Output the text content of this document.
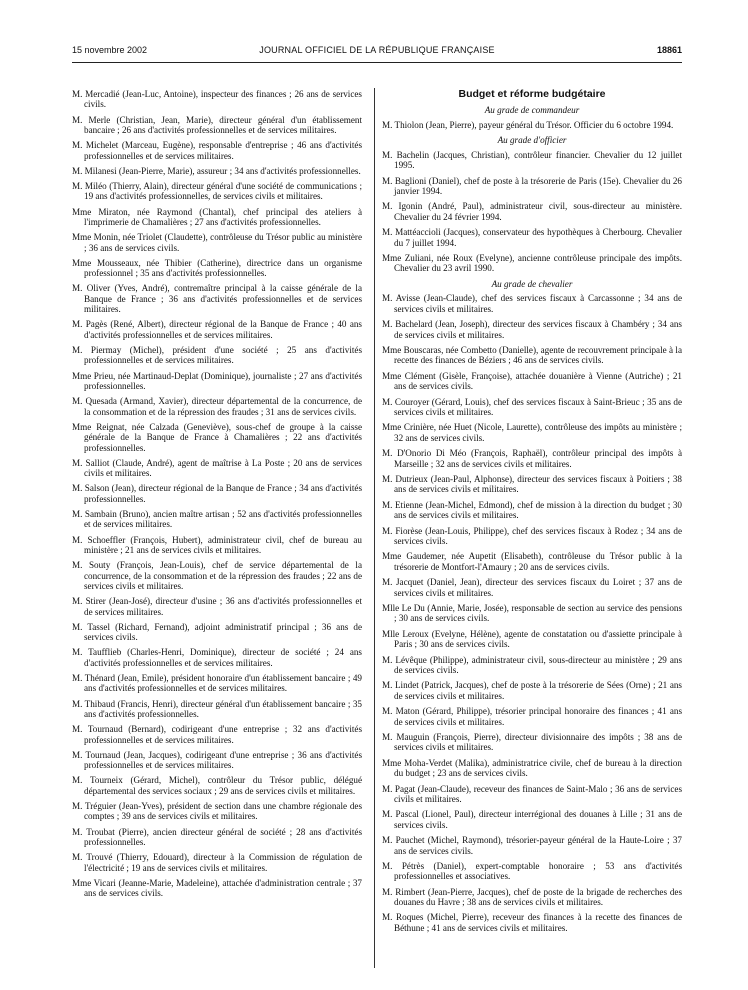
15 novembre 2002	JOURNAL OFFICIEL DE LA RÉPUBLIQUE FRANÇAISE	18861

M. Mercadié (Jean-Luc, Antoine), inspecteur des finances ; 26 ans de services civils.

M. Merle (Christian, Jean, Marie), directeur général d'un établissement bancaire ; 26 ans d'activités professionnelles et de services militaires.

M. Michelet (Marceau, Eugène), responsable d'entreprise ; 46 ans d'activités professionnelles et de services militaires.

M. Milanesi (Jean-Pierre, Marie), assureur ; 34 ans d'activités professionnelles.

M. Miléo (Thierry, Alain), directeur général d'une société de communications ; 19 ans d'activités professionnelles, de services civils et militaires.

Mme Miraton, née Raymond (Chantal), chef principal des ateliers à l'imprimerie de Chamalières ; 27 ans d'activités professionnelles.

Mme Monin, née Triolet (Claudette), contrôleuse du Trésor public au ministère ; 36 ans de services civils.

Mme Mousseaux, née Thibier (Catherine), directrice dans un organisme professionnel ; 35 ans d'activités professionnelles.

M. Oliver (Yves, André), contremaître principal à la caisse générale de la Banque de France ; 36 ans d'activités professionnelles et de services militaires.

M. Pagès (René, Albert), directeur régional de la Banque de France ; 40 ans d'activités professionnelles et de services militaires.

M. Piermay (Michel), président d'une société ; 25 ans d'activités professionnelles et de services militaires.

Mme Prieu, née Martinaud-Deplat (Dominique), journaliste ; 27 ans d'activités professionnelles.

M. Quesada (Armand, Xavier), directeur départemental de la concurrence, de la consommation et de la répression des fraudes ; 31 ans de services civils.

Mme Reignat, née Calzada (Geneviève), sous-chef de groupe à la caisse générale de la Banque de France à Chamalières ; 22 ans d'activités professionnelles.

M. Salliot (Claude, André), agent de maîtrise à La Poste ; 20 ans de services civils et militaires.

M. Salson (Jean), directeur régional de la Banque de France ; 34 ans d'activités professionnelles.

M. Sambain (Bruno), ancien maître artisan ; 52 ans d'activités professionnelles et de services militaires.

M. Schoeffler (François, Hubert), administrateur civil, chef de bureau au ministère ; 21 ans de services civils et militaires.

M. Souty (François, Jean-Louis), chef de service départemental de la concurrence, de la consommation et de la répression des fraudes ; 22 ans de services civils et militaires.

M. Stirer (Jean-José), directeur d'usine ; 36 ans d'activités professionnelles et de services militaires.

M. Tassel (Richard, Fernand), adjoint administratif principal ; 36 ans de services civils.

M. Tauffliеb (Charles-Henri, Dominique), directeur de société ; 24 ans d'activités professionnelles et de services militaires.

M. Thénard (Jean, Emile), président honoraire d'un établissement bancaire ; 49 ans d'activités professionnelles et de services militaires.

M. Thibaud (Francis, Henri), directeur général d'un établissement bancaire ; 35 ans d'activités professionnelles.

M. Tournaud (Bernard), codirigeant d'une entreprise ; 32 ans d'activités professionnelles et de services militaires.

M. Tournaud (Jean, Jacques), codirigeant d'une entreprise ; 36 ans d'activités professionnelles et de services militaires.

M. Tourneix (Gérard, Michel), contrôleur du Trésor public, délégué départemental des services sociaux ; 29 ans de services civils et militaires.

M. Tréguier (Jean-Yves), président de section dans une chambre régionale des comptes ; 39 ans de services civils et militaires.

M. Troubat (Pierre), ancien directeur général de société ; 28 ans d'activités professionnelles.

M. Trouvé (Thierry, Edouard), directeur à la Commission de régulation de l'électricité ; 19 ans de services civils et militaires.

Mme Vicari (Jeanne-Marie, Madeleine), attachée d'administration centrale ; 37 ans de services civils.

Budget et réforme budgétaire
Au grade de commandeur

M. Thiolon (Jean, Pierre), payeur général du Trésor. Officier du 6 octobre 1994.

Au grade d'officier

M. Bachelin (Jacques, Christian), contrôleur financier. Chevalier du 12 juillet 1995.

M. Baglioni (Daniel), chef de poste à la trésorerie de Paris (15e). Chevalier du 26 janvier 1994.

M. Igonin (André, Paul), administrateur civil, sous-directeur au ministère. Chevalier du 24 février 1994.

M. Mattéaccioli (Jacques), conservateur des hypothèques à Cherbourg. Chevalier du 7 juillet 1994.

Mme Zuliani, née Roux (Evelyne), ancienne contrôleuse principale des impôts. Chevalier du 23 avril 1990.

Au grade de chevalier

M. Avisse (Jean-Claude), chef des services fiscaux à Carcassonne ; 34 ans de services civils et militaires.

M. Bachelard (Jean, Joseph), directeur des services fiscaux à Chambéry ; 34 ans de services civils et militaires.

Mme Bouscaras, née Combetto (Danielle), agente de recouvrement principale à la recette des finances de Béziers ; 46 ans de services civils.

Mme Clément (Gisèle, Françoise), attachée douanière à Vienne (Autriche) ; 21 ans de services civils.

M. Couroyer (Gérard, Louis), chef des services fiscaux à Saint-Brieuc ; 35 ans de services civils et militaires.

Mme Crinière, née Huet (Nicole, Laurette), contrôleuse des impôts au ministère ; 32 ans de services civils.

M. D'Onorio Di Méo (François, Raphaël), contrôleur principal des impôts à Marseille ; 32 ans de services civils et militaires.

M. Dutrieux (Jean-Paul, Alphonse), directeur des services fiscaux à Poitiers ; 38 ans de services civils et militaires.

M. Etienne (Jean-Michel, Edmond), chef de mission à la direction du budget ; 30 ans de services civils et militaires.

M. Fiorèse (Jean-Louis, Philippe), chef des services fiscaux à Rodez ; 34 ans de services civils.

Mme Gaudemer, née Aupetit (Elisabeth), contrôleuse du Trésor public à la trésorerie de Montfort-l'Amaury ; 20 ans de services civils.

M. Jacquet (Daniel, Jean), directeur des services fiscaux du Loiret ; 37 ans de services civils et militaires.

Mlle Le Du (Annie, Marie, Josée), responsable de section au service des pensions ; 30 ans de services civils.

Mlle Leroux (Evelyne, Hélène), agente de constatation ou d'assiette principale à Paris ; 30 ans de services civils.

M. Lévêque (Philippe), administrateur civil, sous-directeur au ministère ; 29 ans de services civils.

M. Lindet (Patrick, Jacques), chef de poste à la trésorerie de Sées (Orne) ; 21 ans de services civils et militaires.

M. Maton (Gérard, Philippe), trésorier principal honoraire des finances ; 41 ans de services civils et militaires.

M. Mauguin (François, Pierre), directeur divisionnaire des impôts ; 38 ans de services civils et militaires.

Mme Moha-Verdet (Malika), administratrice civile, chef de bureau à la direction du budget ; 23 ans de services civils.

M. Pagat (Jean-Claude), receveur des finances de Saint-Malo ; 36 ans de services civils et militaires.

M. Pascal (Lionel, Paul), directeur interrégional des douanes à Lille ; 31 ans de services civils.

M. Pauchet (Michel, Raymond), trésorier-payeur général de la Haute-Loire ; 37 ans de services civils.

M. Pétrès (Daniel), expert-comptable honoraire ; 53 ans d'activités professionnelles et associatives.

M. Rimbert (Jean-Pierre, Jacques), chef de poste de la brigade de recherches des douanes du Havre ; 38 ans de services civils et militaires.

M. Roques (Michel, Pierre), receveur des finances à la recette des finances de Béthune ; 41 ans de services civils et militaires.
